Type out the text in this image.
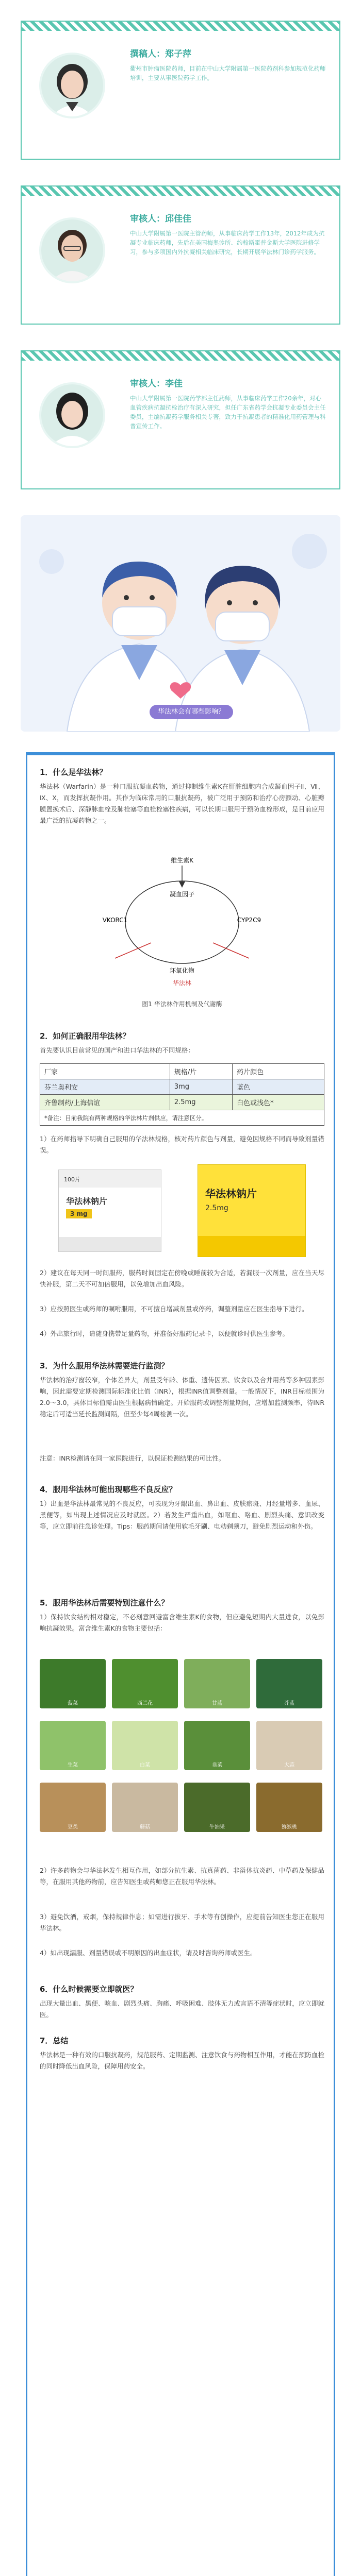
撰稿人：郑子萍
衢州市肿瘤医院药师，目前在中山大学附属第一医院药剂科参加规范化药师培训，主要从事医院药学工作。
审核人：邱佳佳
中山大学附属第一医院主管药师，从事临床药学工作13年，2012年成为抗凝专业临床药师，先后在美国梅奥诊所、约翰斯霍普金斯大学医院进修学习，参与多项国内外抗凝相关临床研究，长期开展华法林门诊药学服务。
审核人：李佳
中山大学附属第一医院药学部主任药师，从事临床药学工作20余年，对心血管疾病抗凝抗栓治疗有深入研究，担任广东省药学会抗凝专业委员会主任委员，主编抗凝药学服务相关专著，致力于抗凝患者的精准化用药管理与科普宣传工作。
华法林会有哪些影响？
1．什么是华法林？
华法林（Warfarin）是一种口服抗凝血药物，通过抑制维生素K在肝脏细胞内合成凝血因子Ⅱ、Ⅶ、Ⅸ、Ⅹ，而发挥抗凝作用。其作为临床常用的口服抗凝药，被广泛用于预防和治疗心房颤动、心脏瓣膜置换术后、深静脉血栓及肺栓塞等血栓栓塞性疾病，可以长期口服用于预防血栓形成，是目前应用最广泛的抗凝药物之一。
维生素K
凝血因子
环氧化物
VKORC1	CYP2C9
华法林
图1 华法林作用机制及代谢酶
2．如何正确服用华法林？
首先要认识目前常见的国产和进口华法林的不同规格：
厂家	规格/片	药片颜色
芬兰奥利安	3mg	蓝色
齐鲁制药/上海信谊	2.5mg	白色或浅色*
*备注：目前我院有两种规格的华法林片剂供应，请注意区分。		
1）在药师指导下明确自己服用的华法林规格，核对药片颜色与剂量，避免因规格不同而导致剂量错误。
100片
华法林钠片
3 mg
华法林钠片
2.5mg
2）建议在每天同一时间服药，服药时间固定在傍晚或睡前较为合适，若漏服一次剂量，应在当天尽快补服，第二天不可加倍服用，以免增加出血风险。
3）应按照医生或药师的嘱咐服用，不可擅自增减剂量或停药，调整剂量应在医生指导下进行。
4）外出旅行时，请随身携带足量药物，并准备好服药记录卡，以便就诊时供医生参考。
3．为什么服用华法林需要进行监测？
华法林的治疗窗较窄，个体差异大，剂量受年龄、体重、遗传因素、饮食以及合并用药等多种因素影响，因此需要定期检测国际标准化比值（INR），根据INR值调整剂量。一般情况下，INR目标范围为2.0～3.0，具体目标值需由医生根据病情确定。开始服药或调整剂量期间，应增加监测频率，待INR稳定后可适当延长监测间隔，但至少每4周检测一次。
注意：INR检测请在同一家医院进行，以保证检测结果的可比性。
4．服用华法林可能出现哪些不良反应？
1）出血是华法林最常见的不良反应，可表现为牙龈出血、鼻出血、皮肤瘀斑、月经量增多、血尿、黑便等，如出现上述情况应及时就医。2）若发生严重出血，如呕血、咯血、剧烈头痛、意识改变等，应立即前往急诊处理。Tips：服药期间请使用软毛牙刷、电动剃须刀，避免剧烈运动和外伤。
5．服用华法林后需要特别注意什么？
1）保持饮食结构相对稳定，不必刻意回避富含维生素K的食物，但应避免短期内大量进食，以免影响抗凝效果。富含维生素K的食物主要包括：
菠菜	西兰花	甘蓝	芥蓝
生菜	白菜	韭菜	大蒜
豆类	蘑菇	牛油果	猕猴桃
2）许多药物会与华法林发生相互作用，如部分抗生素、抗真菌药、非甾体抗炎药、中草药及保健品等，在服用其他药物前，应告知医生或药师您正在服用华法林。
3）避免饮酒，戒烟，保持规律作息；如需进行拔牙、手术等有创操作，应提前告知医生您正在服用华法林。
4）如出现漏服、剂量错误或不明原因的出血症状，请及时咨询药师或医生。
6．什么时候需要立即就医？
出现大量出血、黑便、咳血、剧烈头痛、胸痛、呼吸困难、肢体无力或言语不清等症状时，应立即就医。
7．总结
华法林是一种有效的口服抗凝药，规范服药、定期监测、注意饮食与药物相互作用，才能在预防血栓的同时降低出血风险，保障用药安全。
